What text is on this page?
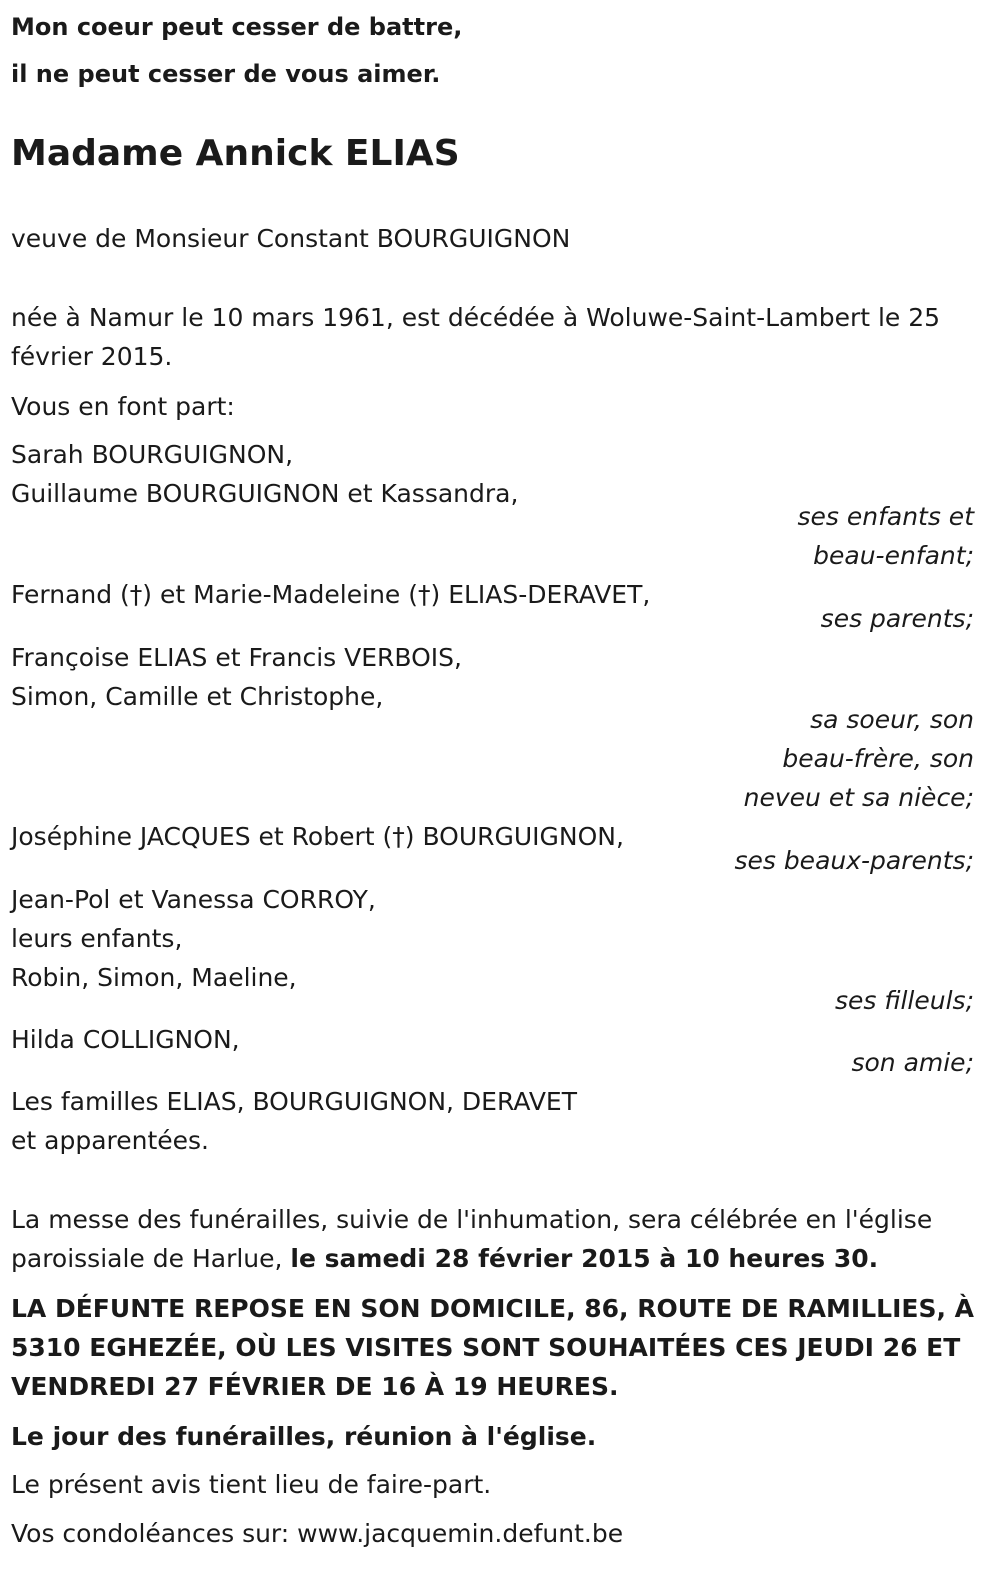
Mon coeur peut cesser de battre,
il ne peut cesser de vous aimer.
Madame Annick ELIAS
veuve de Monsieur Constant BOURGUIGNON
née à Namur le 10 mars 1961, est décédée à Woluwe-Saint-Lambert le 25 février 2015.
Vous en font part:
Sarah BOURGUIGNON,
Guillaume BOURGUIGNON et Kassandra,
ses enfants et
beau-enfant;
Fernand (†) et Marie-Madeleine (†) ELIAS-DERAVET,
ses parents;
Françoise ELIAS et Francis VERBOIS,
Simon, Camille et Christophe,
sa soeur, son
beau-frère, son
neveu et sa nièce;
Joséphine JACQUES et Robert (†) BOURGUIGNON,
ses beaux-parents;
Jean-Pol et Vanessa CORROY,
leurs enfants,
Robin, Simon, Maeline,
ses filleuls;
Hilda COLLIGNON,
son amie;
Les familles ELIAS, BOURGUIGNON, DERAVET
et apparentées.
La messe des funérailles, suivie de l'inhumation, sera célébrée en l'église paroissiale de Harlue, le samedi 28 février 2015 à 10 heures 30.
LA DÉFUNTE REPOSE EN SON DOMICILE, 86, ROUTE DE RAMILLIES, À 5310 EGHEZÉE, OÙ LES VISITES SONT SOUHAITÉES CES JEUDI 26 ET VENDREDI 27 FÉVRIER DE 16 À 19 HEURES.
Le jour des funérailles, réunion à l'église.
Le présent avis tient lieu de faire-part.
Vos condoléances sur: www.jacquemin.defunt.be
